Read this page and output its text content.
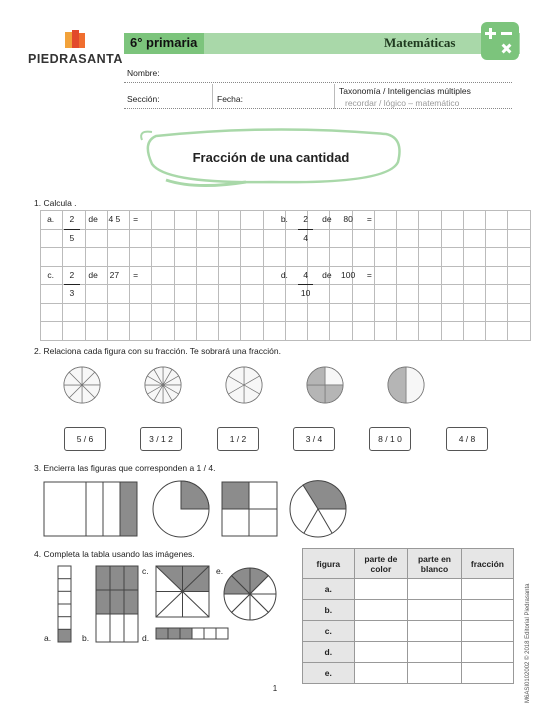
PIEDRASANTA
6° primaria	Matemáticas
Nombre:
Sección:	Fecha:
Taxonomía / Inteligencias múltiples
recordar / lógico – matemático
Fracción de una cantidad
1. Calcula .

a.	2	de	4 5	=
5
b.	2	de	80	=
4
c.	2	de	27	=
3
d.	4	de	100	=
10
2. Relaciona cada figura con su fracción. Te sobrará una fracción.
5 / 6	3 / 1 2	1 / 2	3 / 4	8 / 1 0	4 / 8
3. Encierra las figuras que corresponden a 1 / 4.
4. Completa la tabla usando las imágenes.
a.	b.
c.
d.
e.
figura	parte de color	parte en blanco	fracción
a.			
b.			
c.			
d.			
e.				M6ASI0102002 © 2018 Editorial Piedrasanta
1
